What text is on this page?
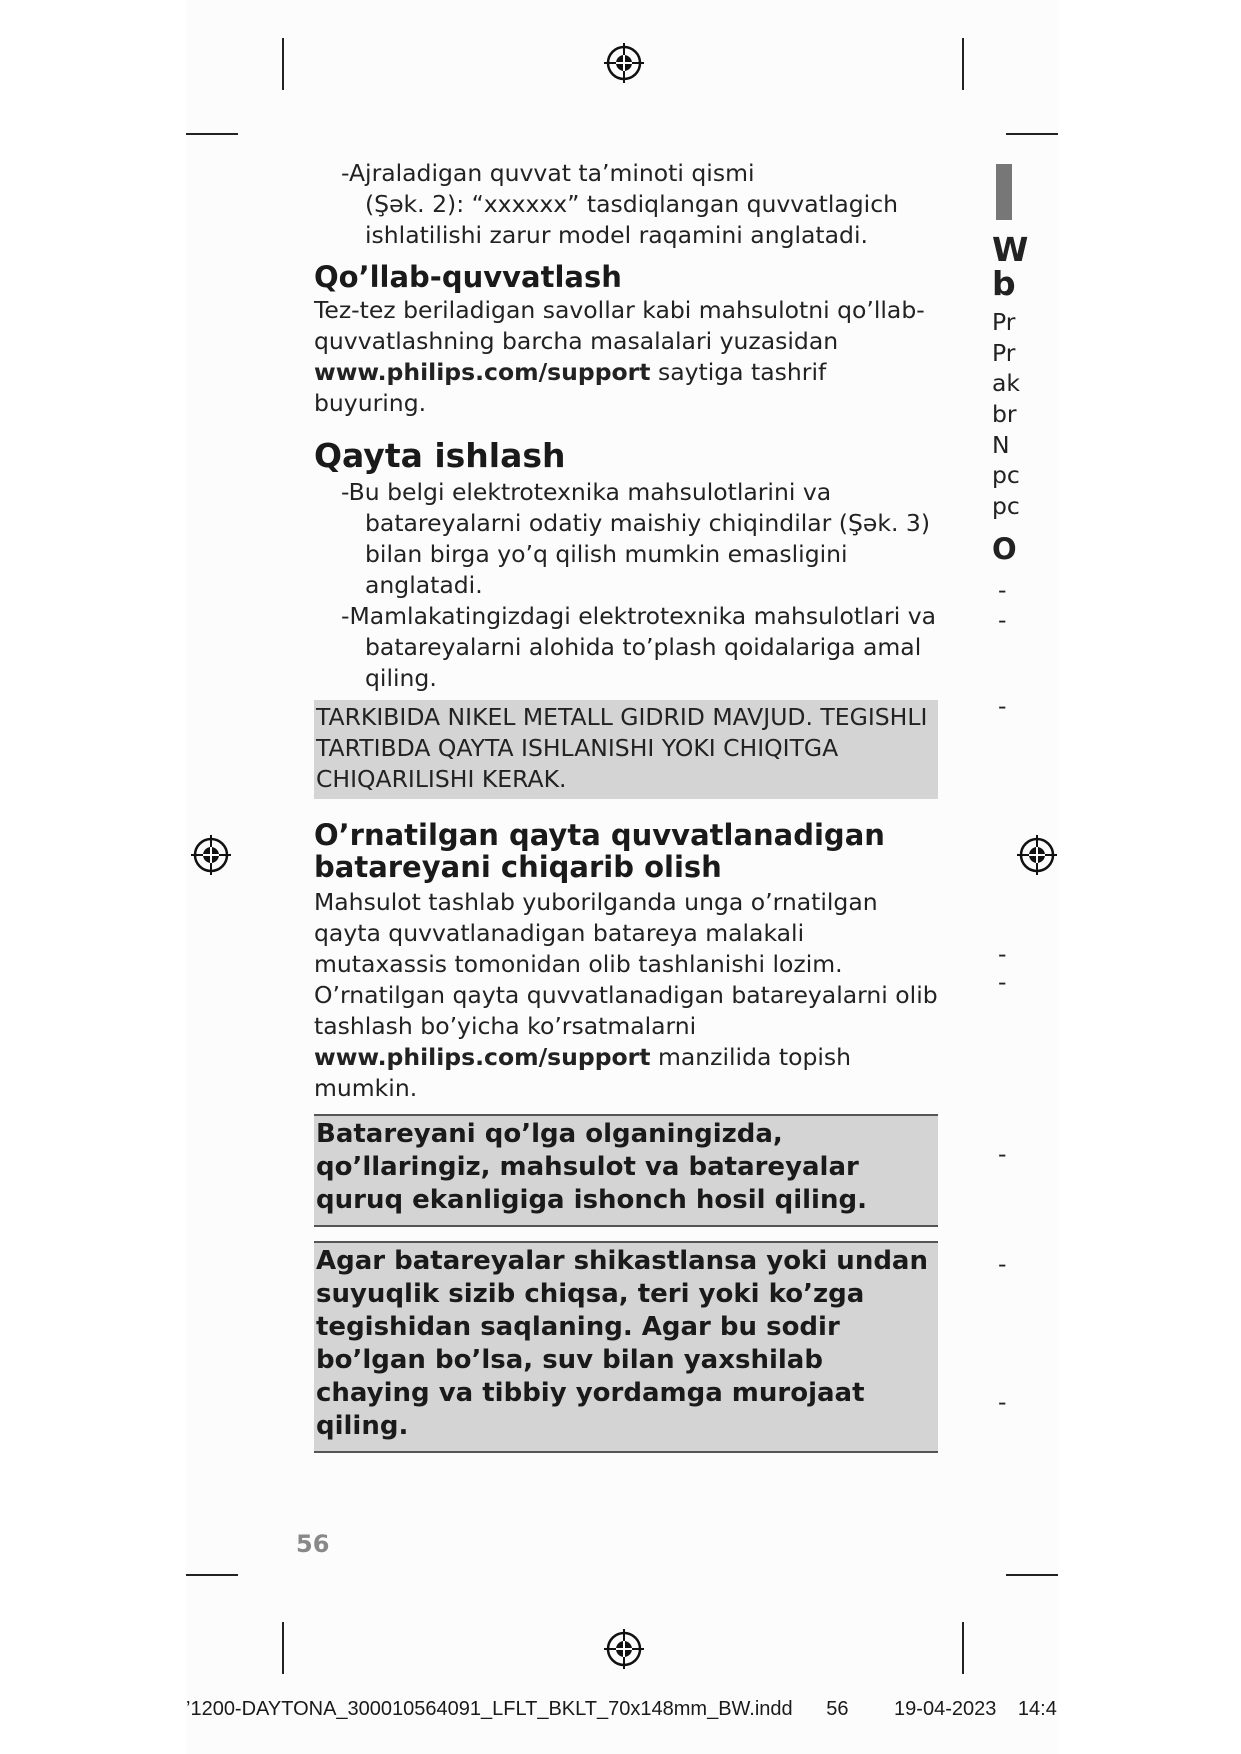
-Ajraladigan quvvat ta’minoti qismi
(Şək. 2): “xxxxxx” tasdiqlangan quvvatlagich ishlatilishi zarur model raqamini anglatadi.

Qo’llab-quvvatlash

Tez-tez beriladigan savollar kabi mahsulotni qo’llab-quvvatlashning barcha masalalari yuzasidan www.philips.com/support saytiga tashrif buyuring.

Qayta ishlash

-Bu belgi elektrotexnika mahsulotlarini va batareyalarni odatiy maishiy chiqindilar (Şək. 3) bilan birga yo’q qilish mumkin emasligini anglatadi.

-Mamlakatingizdagi elektrotexnika mahsulotlari va batareyalarni alohida to’plash qoidalariga amal qiling.

TARKIBIDA NIKEL METALL GIDRID MAVJUD. TEGISHLI TARTIBDA QAYTA ISHLANISHI YOKI CHIQITGA CHIQARILISHI KERAK.
O’rnatilgan qayta quvvatlanadigan batareyani chiqarib olish

Mahsulot tashlab yuborilganda unga o’rnatilgan qayta quvvatlanadigan batareya malakali mutaxassis tomonidan olib tashlanishi lozim. O’rnatilgan qayta quvvatlanadigan batareyalarni olib tashlash bo’yicha ko’rsatmalarni www.philips.com/support manzilida topish mumkin.

Batareyani qo’lga olganingizda, qo’llaringiz, mahsulot va batareyalar quruq ekanligiga ishonch hosil qiling.
Agar batareyalar shikastlansa yoki undan suyuqlik sizib chiqsa, teri yoki ko’zga tegishidan saqlaning. Agar bu sodir bo’lgan bo’lsa, suv bilan yaxshilab chaying va tibbiy yordamga murojaat qiling.
W
b
Pr
Pr
ak
br
N
pc
pc
O
-
-
-
-
-
-
-
-
56
’1200-DAYTONA_300010564091_LFLT_BKLT_70x148mm_BW.indd 56 19-04-2023 14:4
